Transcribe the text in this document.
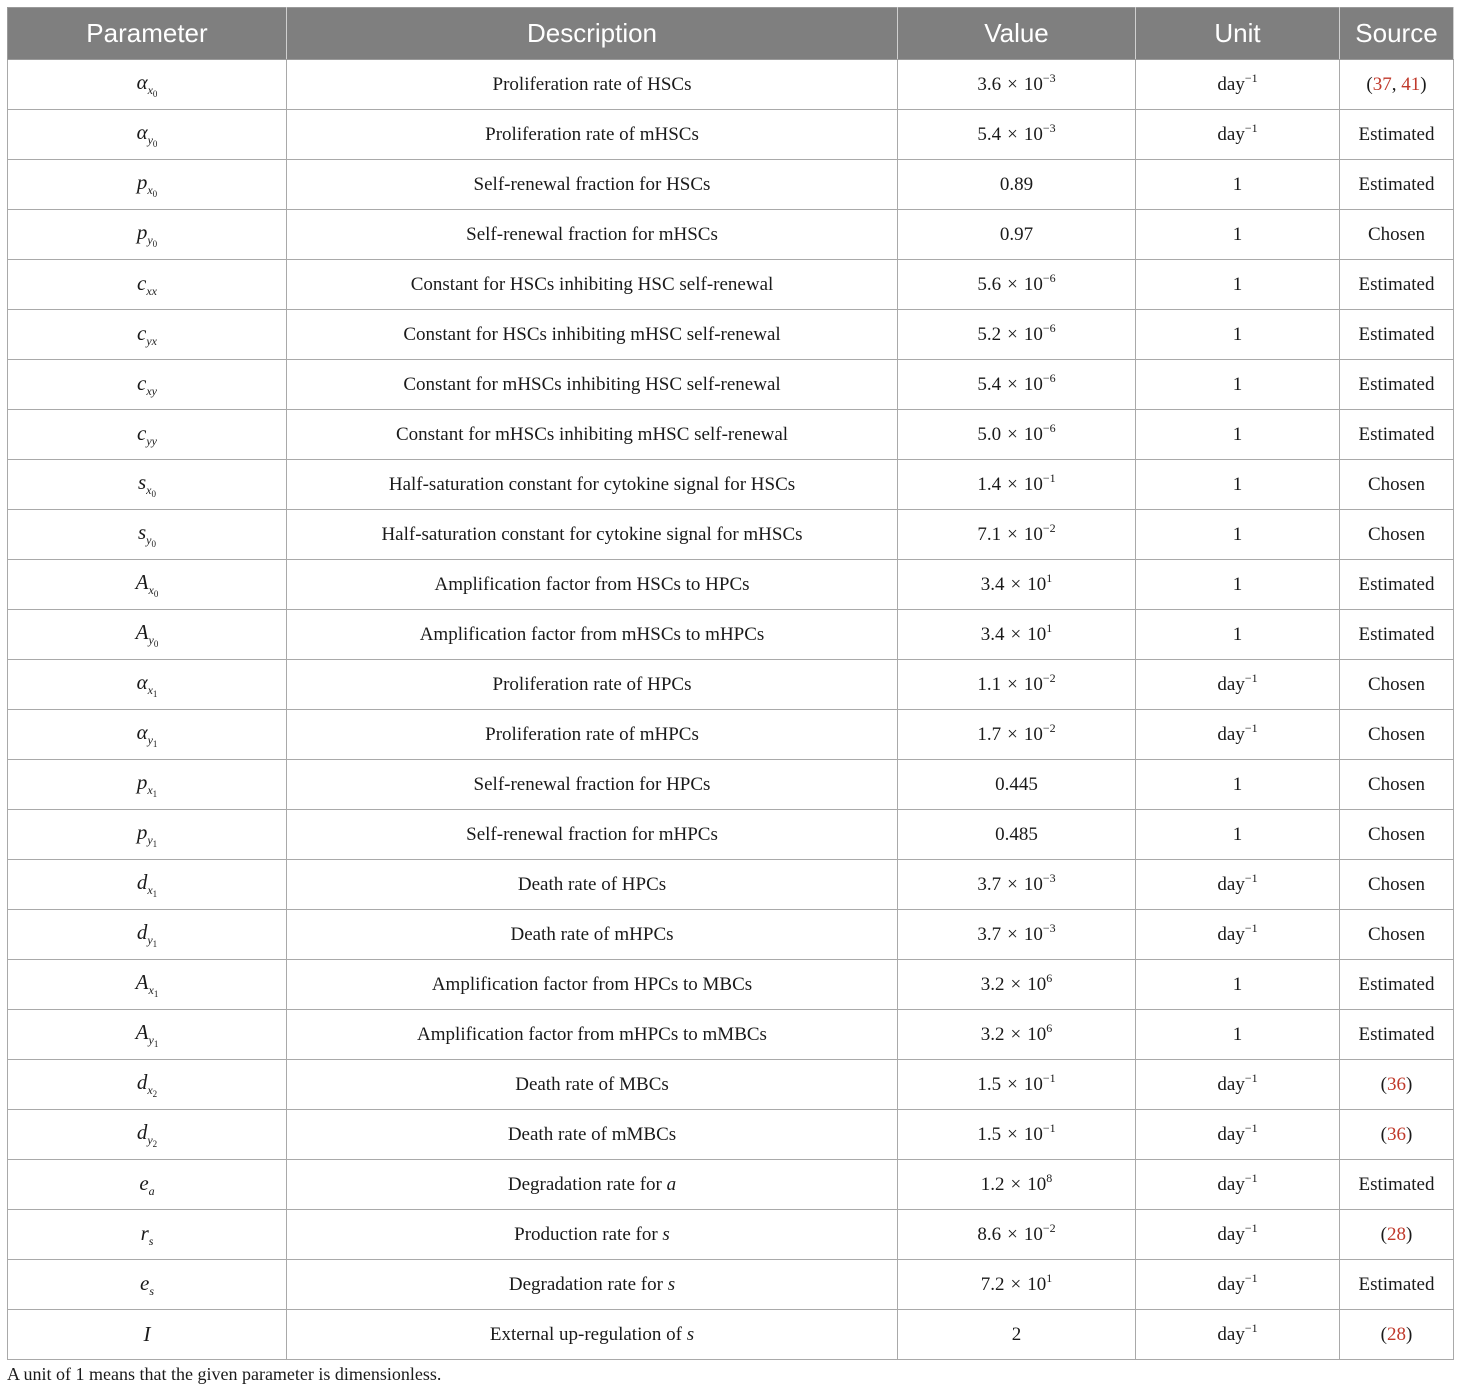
Parameter	Description	Value	Unit	Source
$\alpha_{x_0}$	Proliferation rate of HSCs	$3.6 \times 10^{-3}$	day$^{-1}$	(37, 41)
$\alpha_{y_0}$	Proliferation rate of mHSCs	$5.4 \times 10^{-3}$	day$^{-1}$	Estimated
$p_{x_0}$	Self-renewal fraction for HSCs	0.89	1	Estimated
$p_{y_0}$	Self-renewal fraction for mHSCs	0.97	1	Chosen
$c_{xx}$	Constant for HSCs inhibiting HSC self-renewal	$5.6 \times 10^{-6}$	1	Estimated
$c_{yx}$	Constant for HSCs inhibiting mHSC self-renewal	$5.2 \times 10^{-6}$	1	Estimated
$c_{xy}$	Constant for mHSCs inhibiting HSC self-renewal	$5.4 \times 10^{-6}$	1	Estimated
$c_{yy}$	Constant for mHSCs inhibiting mHSC self-renewal	$5.0 \times 10^{-6}$	1	Estimated
$s_{x_0}$	Half-saturation constant for cytokine signal for HSCs	$1.4 \times 10^{-1}$	1	Chosen
$s_{y_0}$	Half-saturation constant for cytokine signal for mHSCs	$7.1 \times 10^{-2}$	1	Chosen
$A_{x_0}$	Amplification factor from HSCs to HPCs	$3.4 \times 10^1$	1	Estimated
$A_{y_0}$	Amplification factor from mHSCs to mHPCs	$3.4 \times 10^1$	1	Estimated
$\alpha_{x_1}$	Proliferation rate of HPCs	$1.1 \times 10^{-2}$	day$^{-1}$	Chosen
$\alpha_{y_1}$	Proliferation rate of mHPCs	$1.7 \times 10^{-2}$	day$^{-1}$	Chosen
$p_{x_1}$	Self-renewal fraction for HPCs	0.445	1	Chosen
$p_{y_1}$	Self-renewal fraction for mHPCs	0.485	1	Chosen
$d_{x_1}$	Death rate of HPCs	$3.7 \times 10^{-3}$	day$^{-1}$	Chosen
$d_{y_1}$	Death rate of mHPCs	$3.7 \times 10^{-3}$	day$^{-1}$	Chosen
$A_{x_1}$	Amplification factor from HPCs to MBCs	$3.2 \times 10^6$	1	Estimated
$A_{y_1}$	Amplification factor from mHPCs to mMBCs	$3.2 \times 10^6$	1	Estimated
$d_{x_2}$	Death rate of MBCs	$1.5 \times 10^{-1}$	day$^{-1}$	(36)
$d_{y_2}$	Death rate of mMBCs	$1.5 \times 10^{-1}$	day$^{-1}$	(36)
$e_a$	Degradation rate for a	$1.2 \times 10^8$	day$^{-1}$	Estimated
$r_s$	Production rate for s	$8.6 \times 10^{-2}$	day$^{-1}$	(28)
$e_s$	Degradation rate for s	$7.2 \times 10^1$	day$^{-1}$	Estimated
I	External up-regulation of s	2	day$^{-1}$	(28)
A unit of 1 means that the given parameter is dimensionless.
